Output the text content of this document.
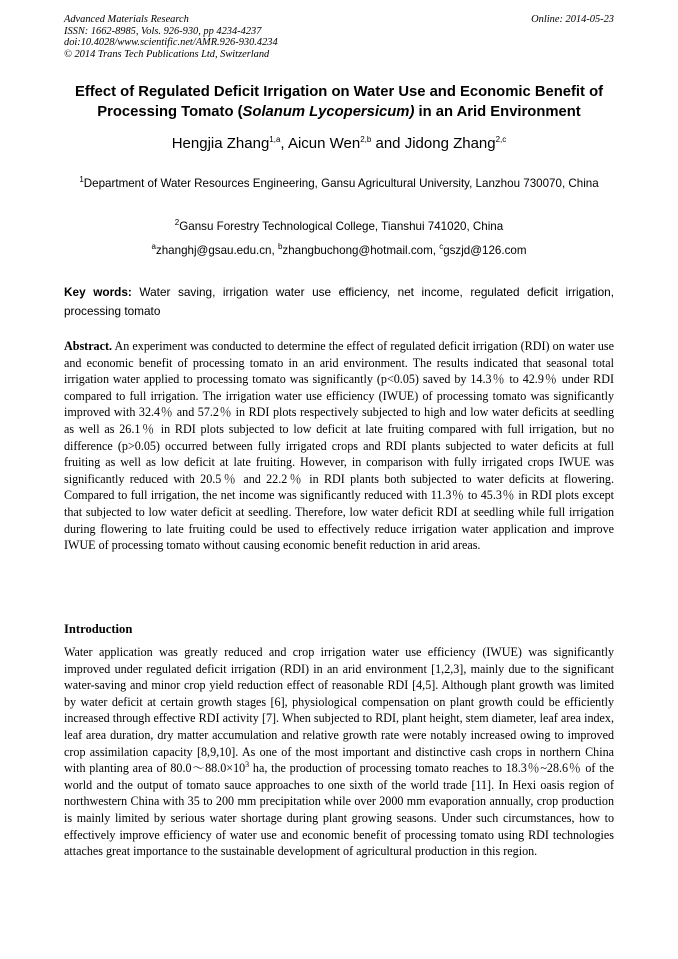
Advanced Materials Research
ISSN: 1662-8985, Vols. 926-930, pp 4234-4237
doi:10.4028/www.scientific.net/AMR.926-930.4234
© 2014 Trans Tech Publications Ltd, Switzerland
Online: 2014-05-23
Effect of Regulated Deficit Irrigation on Water Use and Economic Benefit of Processing Tomato (Solanum Lycopersicum) in an Arid Environment
Hengjia Zhang$^{1,a}$, Aicun Wen$^{2,b}$ and Jidong Zhang$^{2,c}$
$^1$Department of Water Resources Engineering, Gansu Agricultural University, Lanzhou 730070, China
$^2$Gansu Forestry Technological College, Tianshui 741020, China
$^a$zhanghj@gsau.edu.cn, $^b$zhangbuchong@hotmail.com, $^c$gszjd@126.com
Key words: Water saving, irrigation water use efficiency, net income, regulated deficit irrigation, processing tomato
Abstract. An experiment was conducted to determine the effect of regulated deficit irrigation (RDI) on water use and economic benefit of processing tomato in an arid environment. The results indicated that seasonal total irrigation water applied to processing tomato was significantly (p<0.05) saved by 14.3％ to 42.9％ under RDI compared to full irrigation. The irrigation water use efficiency (IWUE) of processing tomato was significantly improved with 32.4％ and 57.2％ in RDI plots respectively subjected to high and low water deficits at seedling as well as 26.1％ in RDI plots subjected to low deficit at late fruiting compared with full irrigation, but no difference (p>0.05) occurred between fully irrigated crops and RDI plants subjected to water deficits at full fruiting as well as low deficit at late fruiting. However, in comparison with fully irrigated crops IWUE was significantly reduced with 20.5％ and 22.2％ in RDI plants both subjected to water deficits at flowering. Compared to full irrigation, the net income was significantly reduced with 11.3％ to 45.3％ in RDI plots except that subjected to low water deficit at seedling. Therefore, low water deficit RDI at seedling while full irrigation during flowering to late fruiting could be used to effectively reduce irrigation water application and improve IWUE of processing tomato without causing economic benefit reduction in arid areas.
Introduction
Water application was greatly reduced and crop irrigation water use efficiency (IWUE) was significantly improved under regulated deficit irrigation (RDI) in an arid environment [1,2,3], mainly due to the significant water-saving and minor crop yield reduction effect of reasonable RDI [4,5]. Although plant growth was limited by water deficit at certain growth stages [6], physiological compensation on plant growth could be efficiently increased through effective RDI activity [7]. When subjected to RDI, plant height, stem diameter, leaf area index, leaf area duration, dry matter accumulation and relative growth rate were notably increased owing to improved crop assimilation capacity [8,9,10]. As one of the most important and distinctive cash crops in northern China with planting area of $80.0\sim 88.0\times 10^3$ ha, the production of processing tomato reaches to 18.3％~28.6％ of the world and the output of tomato sauce approaches to one sixth of the world trade [11]. In Hexi oasis region of northwestern China with 35 to 200 mm precipitation while over 2000 mm evaporation annually, crop production is mainly limited by serious water shortage during plant growing seasons. Under such circumstances, how to effectively improve efficiency of water use and economic benefit of processing tomato using RDI technologies attaches great importance to the sustainable development of agricultural production in this region.
